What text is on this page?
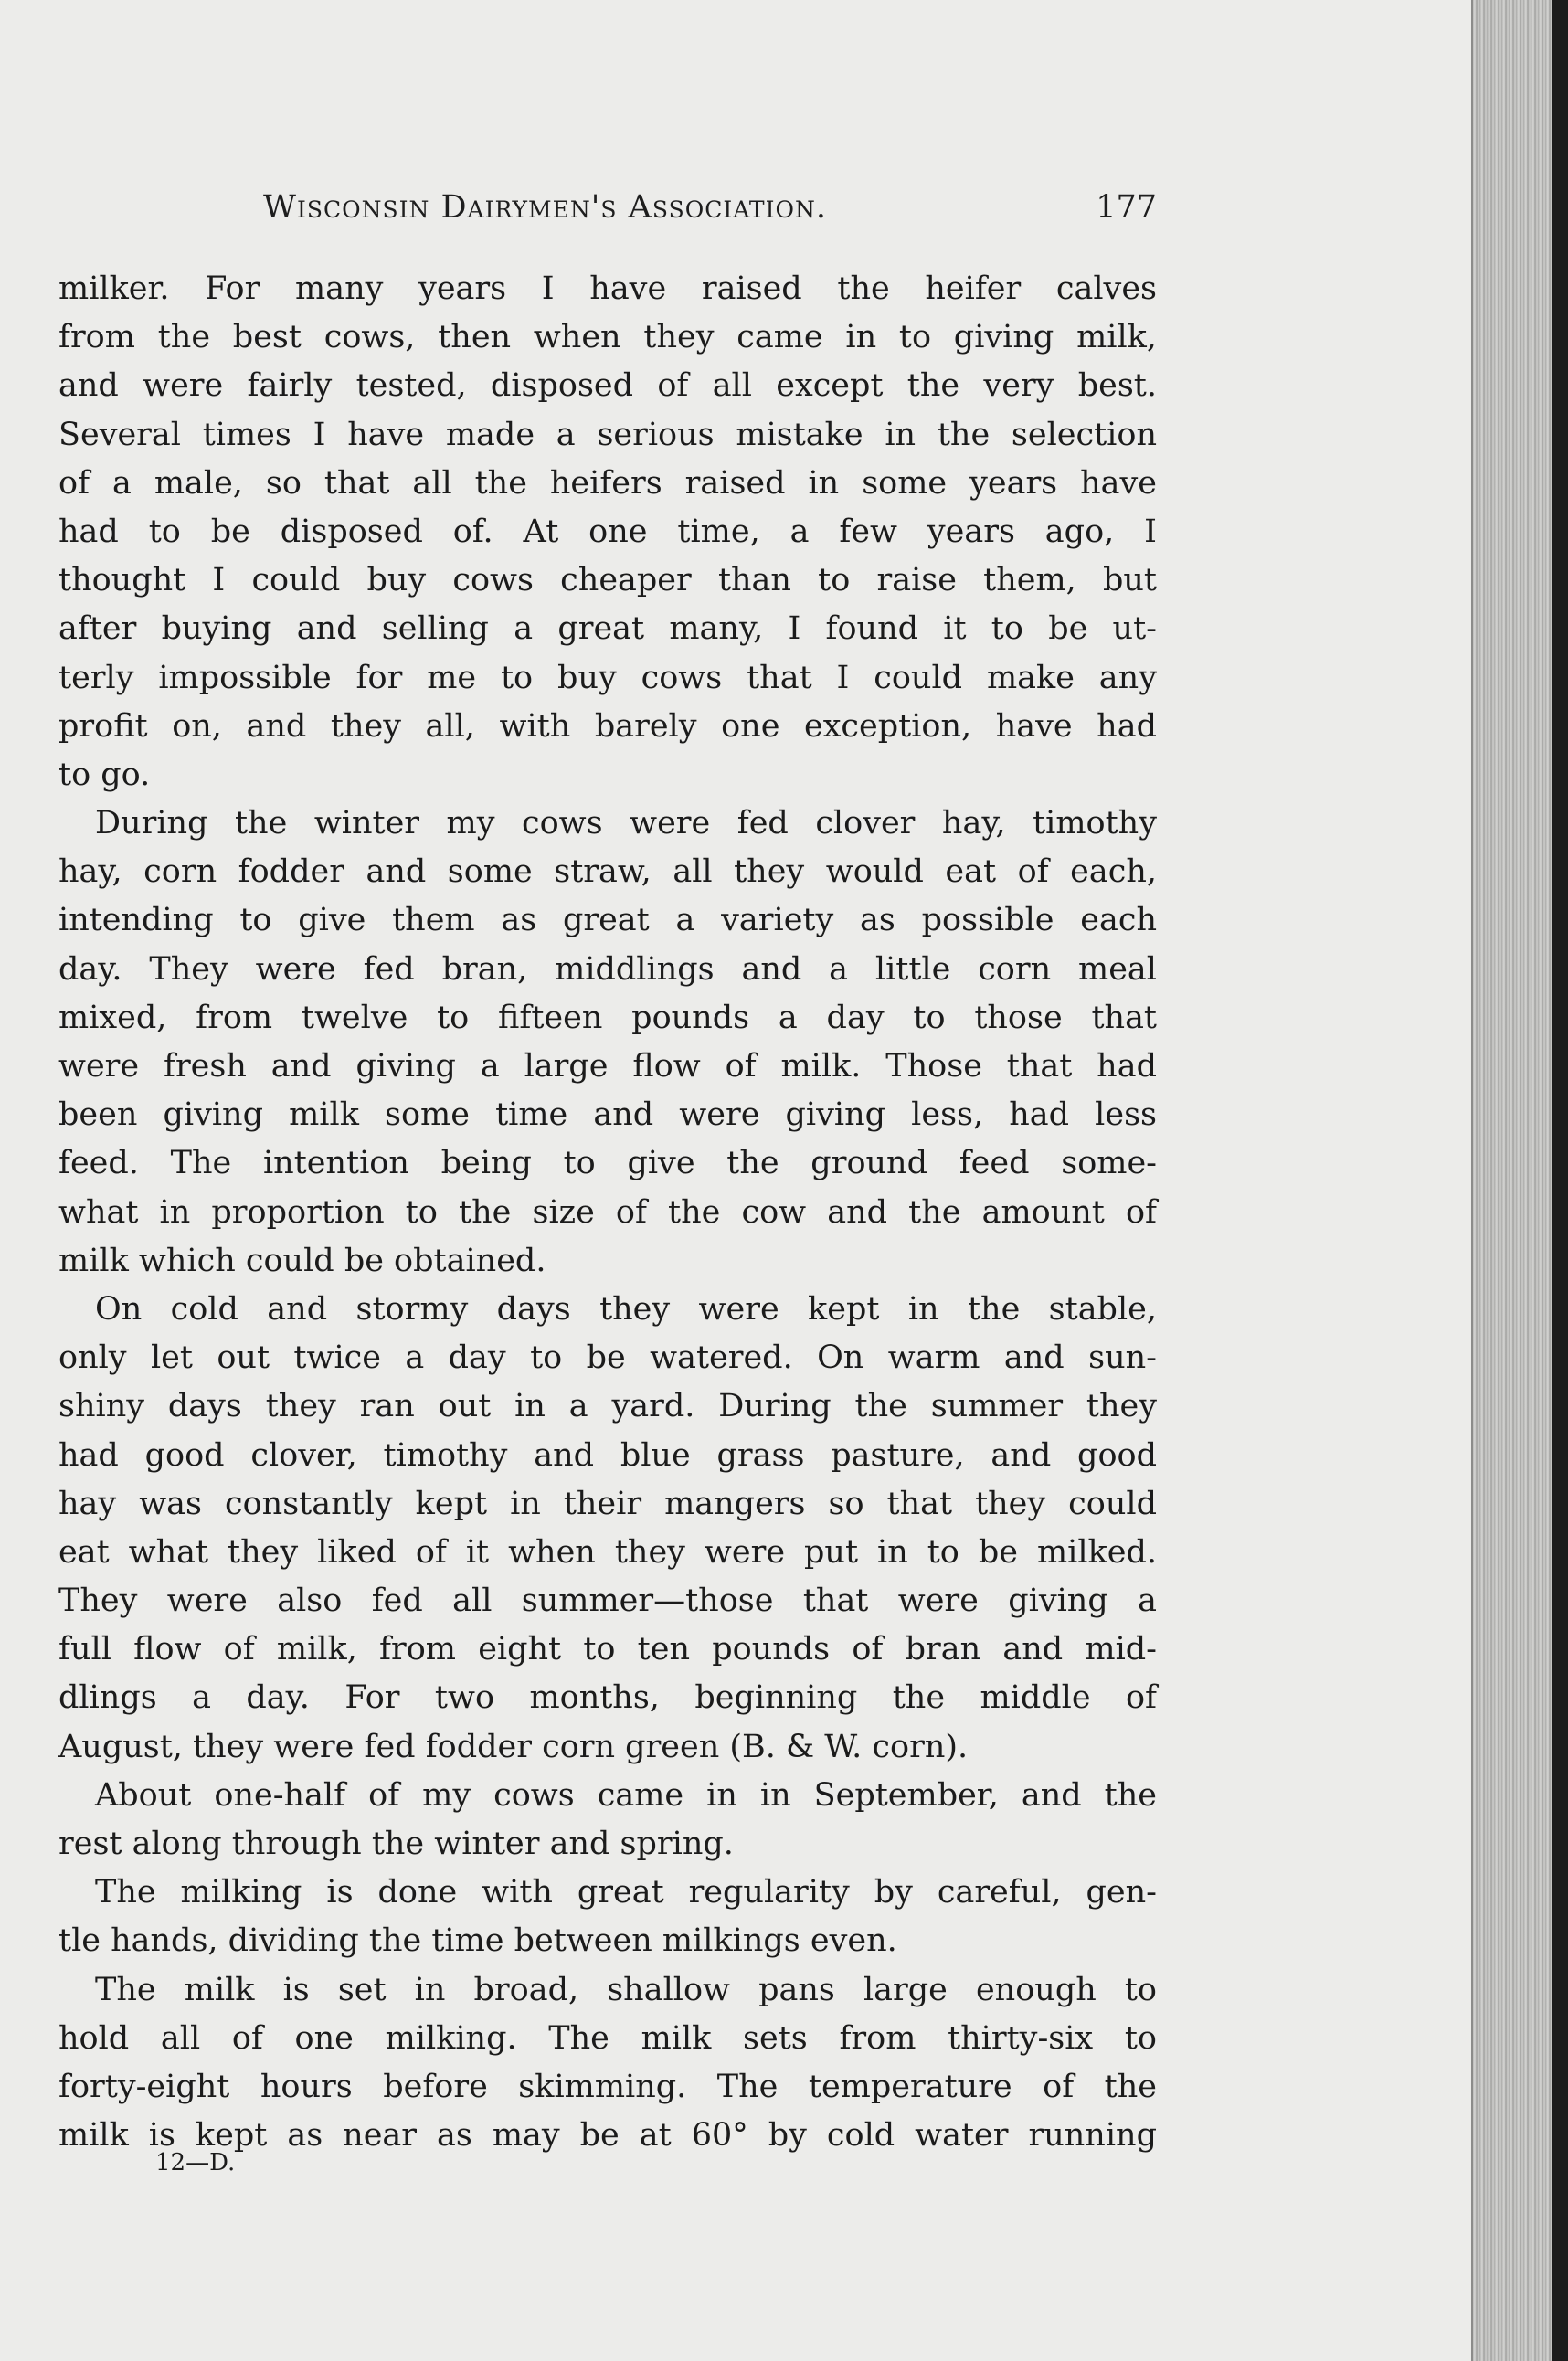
Wisconsin Dairymen's Association.	177
milker. For many years I have raised the heifer calves
from the best cows, then when they came in to giving milk,
and were fairly tested, disposed of all except the very best.
Several times I have made a serious mistake in the selection
of a male, so that all the heifers raised in some years have
had to be disposed of. At one time, a few years ago, I
thought I could buy cows cheaper than to raise them, but
after buying and selling a great many, I found it to be ut-
terly impossible for me to buy cows that I could make any
profit on, and they all, with barely one exception, have had
to go.
During the winter my cows were fed clover hay, timothy
hay, corn fodder and some straw, all they would eat of each,
intending to give them as great a variety as possible each
day. They were fed bran, middlings and a little corn meal
mixed, from twelve to fifteen pounds a day to those that
were fresh and giving a large flow of milk. Those that had
been giving milk some time and were giving less, had less
feed. The intention being to give the ground feed some-
what in proportion to the size of the cow and the amount of
milk which could be obtained.
On cold and stormy days they were kept in the stable,
only let out twice a day to be watered. On warm and sun-
shiny days they ran out in a yard. During the summer they
had good clover, timothy and blue grass pasture, and good
hay was constantly kept in their mangers so that they could
eat what they liked of it when they were put in to be milked.
They were also fed all summer—those that were giving a
full flow of milk, from eight to ten pounds of bran and mid-
dlings a day. For two months, beginning the middle of
August, they were fed fodder corn green (B. & W. corn).
About one-half of my cows came in in September, and the
rest along through the winter and spring.
The milking is done with great regularity by careful, gen-
tle hands, dividing the time between milkings even.
The milk is set in broad, shallow pans large enough to
hold all of one milking. The milk sets from thirty-six to
forty-eight hours before skimming. The temperature of the
milk is kept as near as may be at 60° by cold water running
12—D.
